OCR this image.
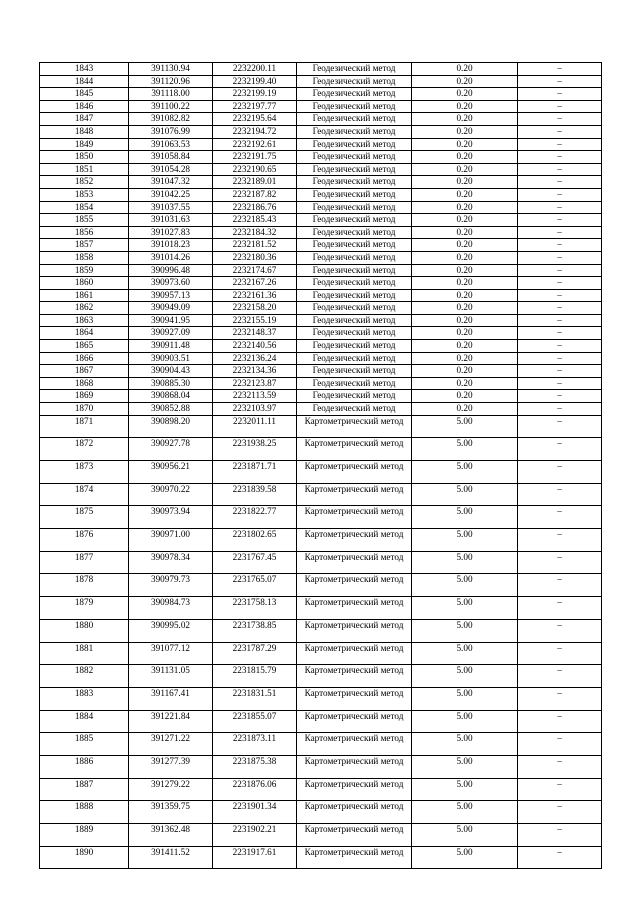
1843	391130.94	2232200.11	Геодезический метод	0.20	–
1844	391120.96	2232199.40	Геодезический метод	0.20	–
1845	391118.00	2232199.19	Геодезический метод	0.20	–
1846	391100.22	2232197.77	Геодезический метод	0.20	–
1847	391082.82	2232195.64	Геодезический метод	0.20	–
1848	391076.99	2232194.72	Геодезический метод	0.20	–
1849	391063.53	2232192.61	Геодезический метод	0.20	–
1850	391058.84	2232191.75	Геодезический метод	0.20	–
1851	391054.28	2232190.65	Геодезический метод	0.20	–
1852	391047.32	2232189.01	Геодезический метод	0.20	–
1853	391042.25	2232187.82	Геодезический метод	0.20	–
1854	391037.55	2232186.76	Геодезический метод	0.20	–
1855	391031.63	2232185.43	Геодезический метод	0.20	–
1856	391027.83	2232184.32	Геодезический метод	0.20	–
1857	391018.23	2232181.52	Геодезический метод	0.20	–
1858	391014.26	2232180.36	Геодезический метод	0.20	–
1859	390996.48	2232174.67	Геодезический метод	0.20	–
1860	390973.60	2232167.26	Геодезический метод	0.20	–
1861	390957.13	2232161.36	Геодезический метод	0.20	–
1862	390949.09	2232158.20	Геодезический метод	0.20	–
1863	390941.95	2232155.19	Геодезический метод	0.20	–
1864	390927.09	2232148.37	Геодезический метод	0.20	–
1865	390911.48	2232140.56	Геодезический метод	0.20	–
1866	390903.51	2232136.24	Геодезический метод	0.20	–
1867	390904.43	2232134.36	Геодезический метод	0.20	–
1868	390885.30	2232123.87	Геодезический метод	0.20	–
1869	390868.04	2232113.59	Геодезический метод	0.20	–
1870	390852.88	2232103.97	Геодезический метод	0.20	–
1871	390898.20	2232011.11	Картометрический метод	5.00	–
1872	390927.78	2231938.25	Картометрический метод	5.00	–
1873	390956.21	2231871.71	Картометрический метод	5.00	–
1874	390970.22	2231839.58	Картометрический метод	5.00	–
1875	390973.94	2231822.77	Картометрический метод	5.00	–
1876	390971.00	2231802.65	Картометрический метод	5.00	–
1877	390978.34	2231767.45	Картометрический метод	5.00	–
1878	390979.73	2231765.07	Картометрический метод	5.00	–
1879	390984.73	2231758.13	Картометрический метод	5.00	–
1880	390995.02	2231738.85	Картометрический метод	5.00	–
1881	391077.12	2231787.29	Картометрический метод	5.00	–
1882	391131.05	2231815.79	Картометрический метод	5.00	–
1883	391167.41	2231831.51	Картометрический метод	5.00	–
1884	391221.84	2231855.07	Картометрический метод	5.00	–
1885	391271.22	2231873.11	Картометрический метод	5.00	–
1886	391277.39	2231875.38	Картометрический метод	5.00	–
1887	391279.22	2231876.06	Картометрический метод	5.00	–
1888	391359.75	2231901.34	Картометрический метод	5.00	–
1889	391362.48	2231902.21	Картометрический метод	5.00	–
1890	391411.52	2231917.61	Картометрический метод	5.00	–
